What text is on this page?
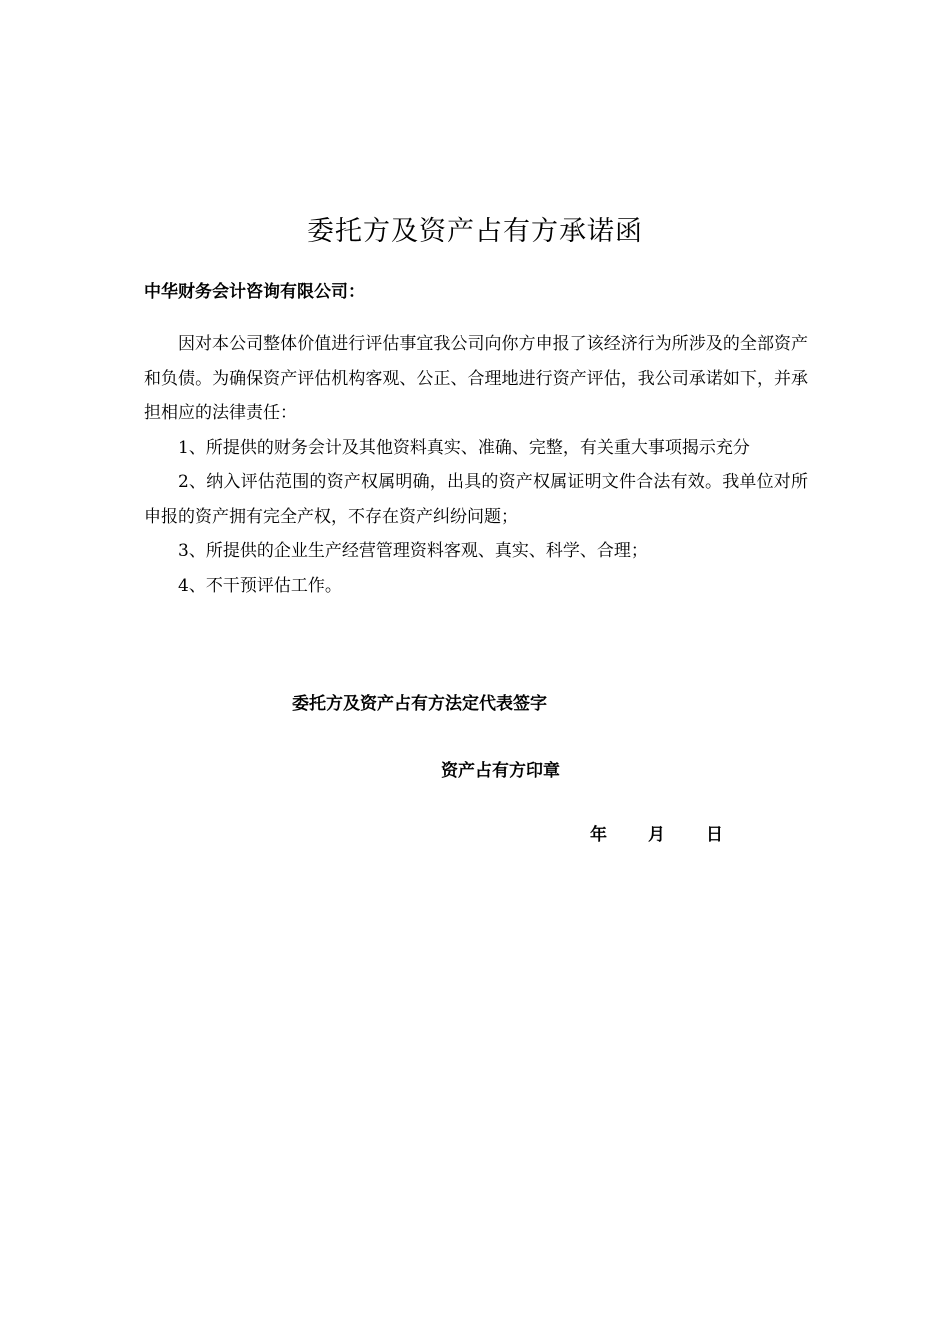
委托方及资产占有方承诺函
中华财务会计咨询有限公司：

因对本公司整体价值进行评估事宜我公司向你方申报了该经济行为所涉及的全部资产和负债。为确保资产评估机构客观、公正、合理地进行资产评估，我公司承诺如下，并承担相应的法律责任：

1、所提供的财务会计及其他资料真实、准确、完整，有关重大事项揭示充分

2、纳入评估范围的资产权属明确，出具的资产权属证明文件合法有效。我单位对所申报的资产拥有完全产权，不存在资产纠纷问题；

3、所提供的企业生产经营管理资料客观、真实、科学、合理；

4、不干预评估工作。

委托方及资产占有方法定代表签字
资产占有方印章
年 月 日
